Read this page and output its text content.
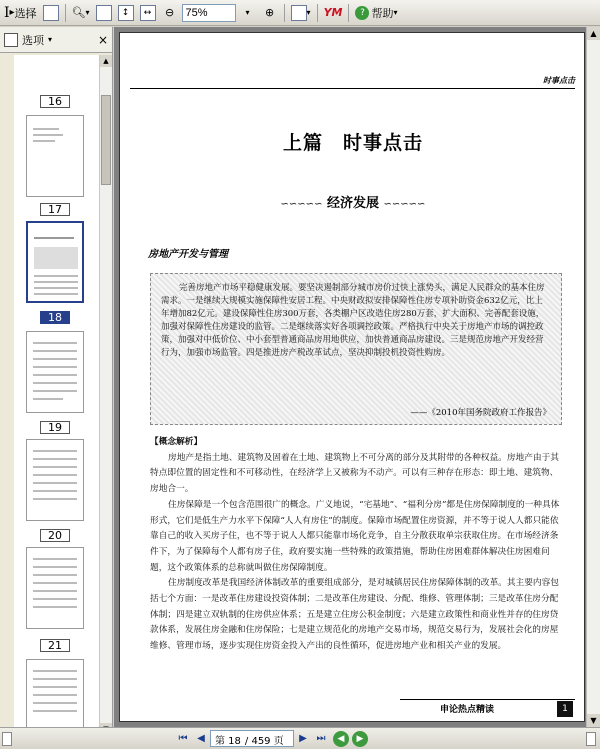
I ▸ 选择	🔍︎ ▾	↕	↔	⊖
75%	▾ ⊕	▾ YM	? 帮助 ▾
选项 ▾	×
16
17
18
19
20
21
▲
时事点击
上篇　时事点击
∽∽∽∽∽ 经济发展 ∽∽∽∽∽
房地产开发与管理

完善房地产市场平稳健康发展。要坚决遏制部分城市房价过快上涨势头，满足人民群众的基本住房需求。一是继续大规模实施保障性安居工程。中央财政拟安排保障性住房专项补助资金632亿元，比上年增加82亿元。建设保障性住房300万套，各类棚户区改造住房280万套，扩大面积、完善配套设施，加强对保障性住房建设的监管。二是继续落实好各项调控政策。严格执行中央关于房地产市场的调控政策，加强对中低价位、中小套型普通商品房用地供应，加快普通商品房建设。三是规范房地产开发经营行为，加强市场监管。四是推进房产税改革试点，坚决抑制投机投资性购房。

——《2010年国务院政府工作报告》

【概念解析】

房地产是指土地、建筑物及固着在土地、建筑物上不可分离的部分及其附带的各种权益。房地产由于其特点即位置的固定性和不可移动性，在经济学上又被称为不动产。可以有三种存在形态：即土地、建筑物、房地合一。

住房保障是一个包含范围很广的概念。广义地说，“宅基地”、“福利分房”都是住房保障制度的一种具体形式，它们是低生产力水平下保障“人人有房住”的制度。保障市场配置住房资源，并不等于说人人都只能依靠自己的收入买房子住，也不等于说人人都只能靠市场化竞争，自主分散获取单宗获取住房。在市场经济条件下，为了保障每个人都有房子住，政府要实施一些特殊的政策措施，帮助住房困难群体解决住房困难问题，这个政策体系的总称就叫做住房保障制度。

住房制度改革是我国经济体制改革的重要组成部分，是对城镇居民住房保障体制的改革。其主要内容包括七个方面：一是改革住房建设投资体制；二是改革住房建设、分配、维修、管理体制；三是改革住房分配体制；四是建立双轨制的住房供应体系；五是建立住房公积金制度；六是建立政策性和商业性并存的住房贷款体系，发展住房金融和住房保险；七是建立规范化的房地产交易市场，规范交易行为，发展社会化的房屋维修、管理市场，逐步实现住房资金投入产出的良性循环，促进房地产业和相关产业的发展。

申论热点精读	1
▲
▼
⏮ ◀	第 18 / 459 页	▶ ⏭	◀	▶
